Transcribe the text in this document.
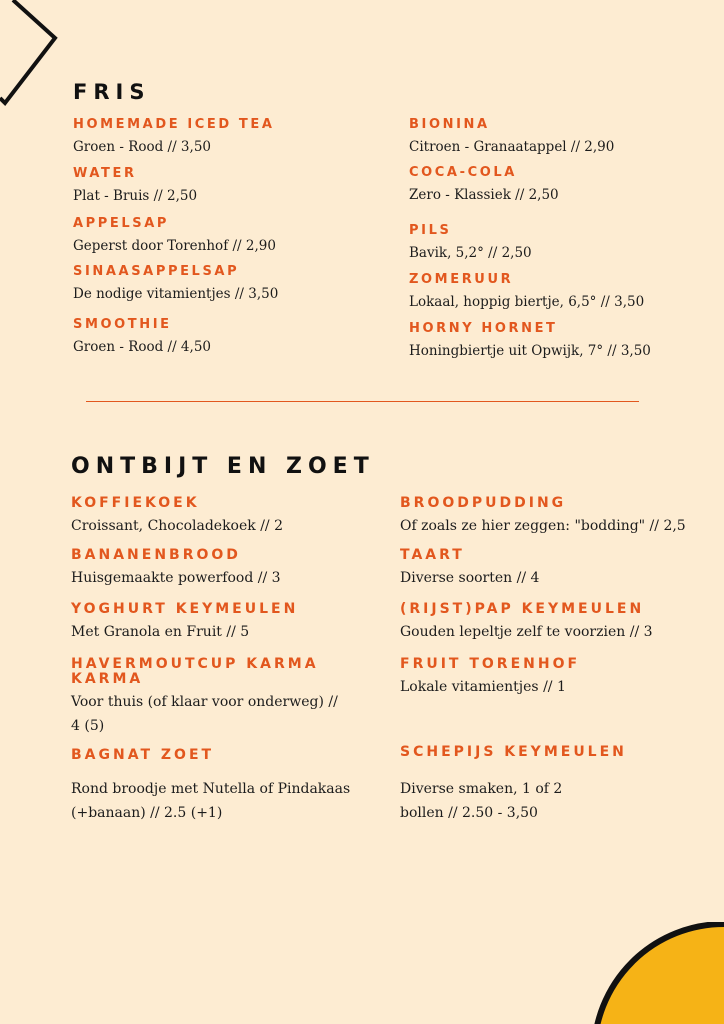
FRIS
HOMEMADE ICED TEA
Groen - Rood // 3,50
WATER
Plat - Bruis // 2,50
APPELSAP
Geperst door Torenhof // 2,90
SINAASAPPELSAP
De nodige vitamientjes // 3,50
SMOOTHIE
Groen - Rood // 4,50
BIONINA
Citroen - Granaatappel // 2,90
COCA-COLA
Zero - Klassiek // 2,50
PILS
Bavik, 5,2° // 2,50
ZOMERUUR
Lokaal, hoppig biertje, 6,5° // 3,50
HORNY HORNET
Honingbiertje uit Opwijk, 7° // 3,50
ONTBIJT EN ZOET
KOFFIEKOEK
Croissant, Chocoladekoek // 2
BANANENBROOD
Huisgemaakte powerfood // 3
YOGHURT KEYMEULEN
Met Granola en Fruit // 5
HAVERMOUTCUP KARMA KARMA
Voor thuis (of klaar voor onderweg) // 4 (5)
BAGNAT ZOET
Rond broodje met Nutella of Pindakaas (+banaan) // 2.5 (+1)
BROODPUDDING
Of zoals ze hier zeggen: "bodding" // 2,5
TAART
Diverse soorten // 4
(RIJST)PAP KEYMEULEN
Gouden lepeltje zelf te voorzien // 3
FRUIT TORENHOF
Lokale vitamientjes // 1
SCHEPIJS KEYMEULEN
Diverse smaken, 1 of 2 bollen // 2.50 - 3,50
